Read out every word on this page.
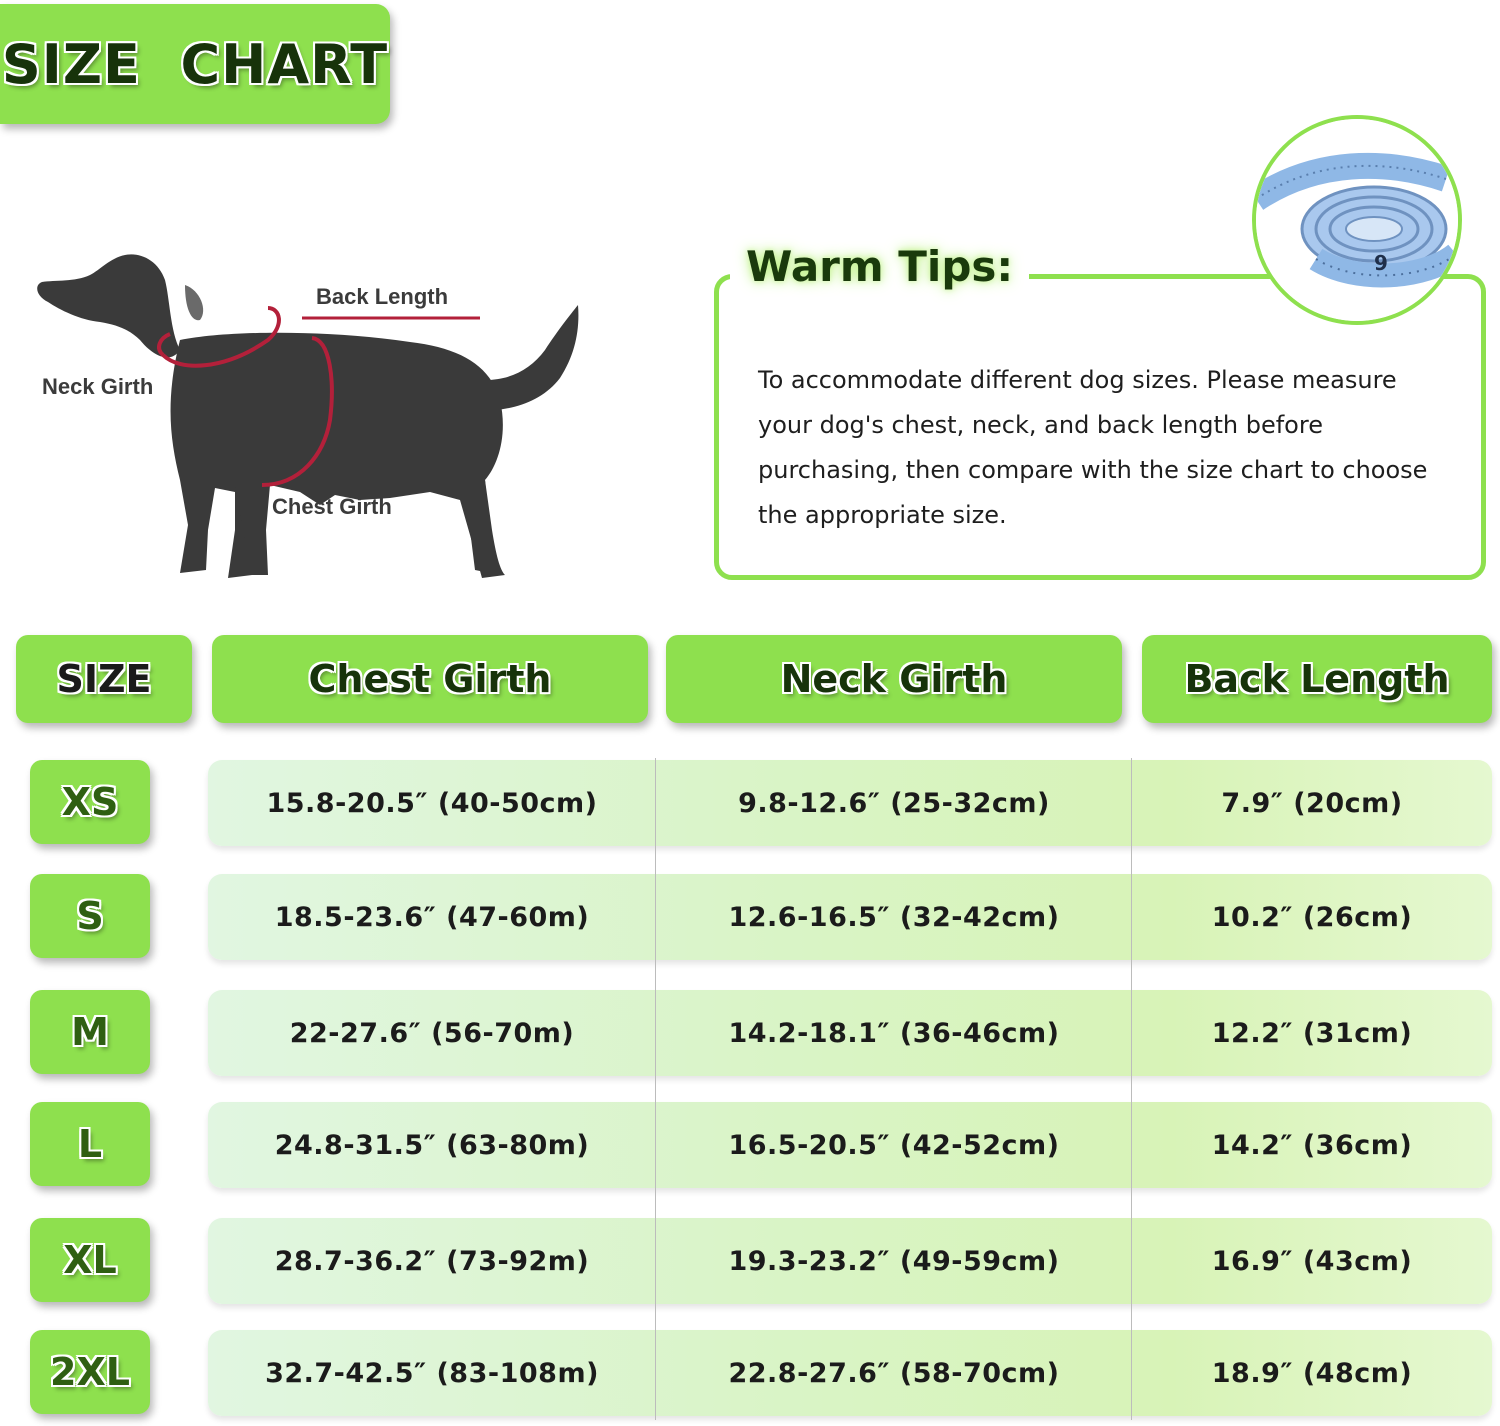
SIZE  CHART
Back Length
Neck Girth
Chest Girth
Warm Tips:
To accommodate different dog sizes. Please measure your dog's chest, neck, and back length before purchasing, then compare with the size chart to choose the appropriate size.
9
SIZE	Chest Girth	Neck Girth	Back Length
XS	15.8-20.5″ (40-50cm)	9.8-12.6″ (25-32cm)	7.9″ (20cm)
S	18.5-23.6″ (47-60m)	12.6-16.5″ (32-42cm)	10.2″ (26cm)
M	22-27.6″ (56-70m)	14.2-18.1″ (36-46cm)	12.2″ (31cm)
L	24.8-31.5″ (63-80m)	16.5-20.5″ (42-52cm)	14.2″ (36cm)
XL	28.7-36.2″ (73-92m)	19.3-23.2″ (49-59cm)	16.9″ (43cm)
2XL	32.7-42.5″ (83-108m)	22.8-27.6″ (58-70cm)	18.9″ (48cm)
